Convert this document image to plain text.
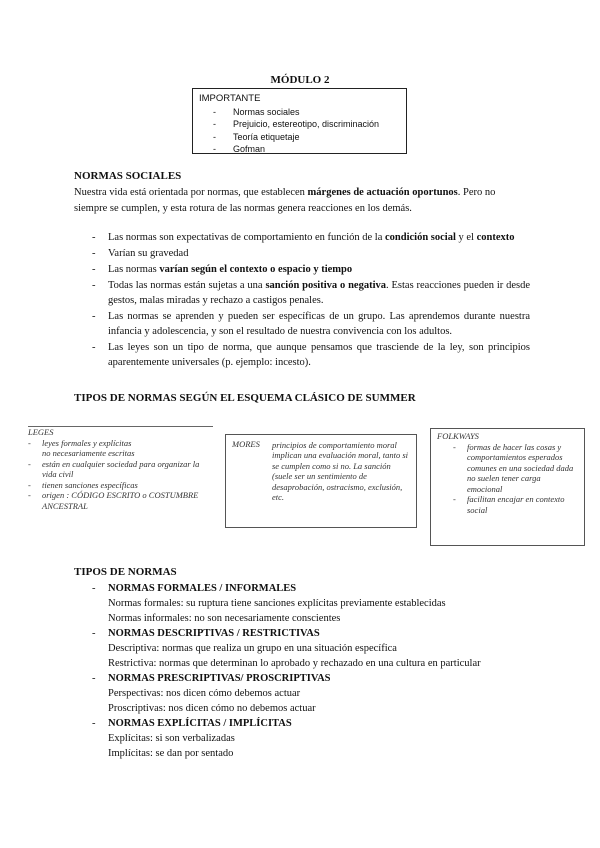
MÓDULO 2
IMPORTANTE
-	Normas sociales
-	Prejuicio, estereotipo, discriminación
-	Teoría etiquetaje
-	Gofman
NORMAS SOCIALES
Nuestra vida está orientada por normas, que establecen márgenes de actuación oportunos. Pero no siempre se cumplen, y esta rotura de las normas genera reacciones en los demás.
-	Las normas son expectativas de comportamiento en función de la condición social y el contexto
-	Varían su gravedad
-	Las normas varían según el contexto o espacio y tiempo
-	Todas las normas están sujetas a una sanción positiva o negativa. Estas reacciones pueden ir desde gestos, malas miradas y rechazo a castigos penales.
-	Las normas se aprenden y pueden ser específicas de un grupo. Las aprendemos durante nuestra infancia y adolescencia, y son el resultado de nuestra convivencia con los adultos.
-	Las leyes son un tipo de norma, que aunque pensamos que trasciende de la ley, son principios aparentemente universales (p. ejemplo: incesto).
TIPOS DE NORMAS SEGÚN EL ESQUEMA CLÁSICO DE SUMMER
LEGES
-	leyes formales y explícitas
no necesariamente escritas
-	están en cualquier sociedad para organizar la vida civil
-	tienen sanciones específicas
-	origen : CÓDIGO ESCRITO o COSTUMBRE ANCESTRAL
MORES	principios de comportamiento moral implican una evaluación moral, tanto si se cumplen como si no. La sanción (suele ser un sentimiento de desaprobación, ostracismo, exclusión, etc.
FOLKWAYS
-	formas de hacer las cosas y comportamientos esperados
comunes en una sociedad dada
no suelen tener carga emocional
-	facilitan encajar en contexto social
TIPOS DE NORMAS
-	NORMAS FORMALES / INFORMALES
Normas formales: su ruptura tiene sanciones explícitas previamente establecidas
Normas informales: no son necesariamente conscientes
-	NORMAS DESCRIPTIVAS / RESTRICTIVAS
Descriptiva: normas que realiza un grupo en una situación específica
Restrictiva: normas que determinan lo aprobado y rechazado en una cultura en particular
-	NORMAS PRESCRIPTIVAS/ PROSCRIPTIVAS
Perspectivas: nos dicen cómo debemos actuar
Proscriptivas: nos dicen cómo no debemos actuar
-	NORMAS EXPLÍCITAS / IMPLÍCITAS
Explícitas: si son verbalizadas
Implícitas: se dan por sentado
